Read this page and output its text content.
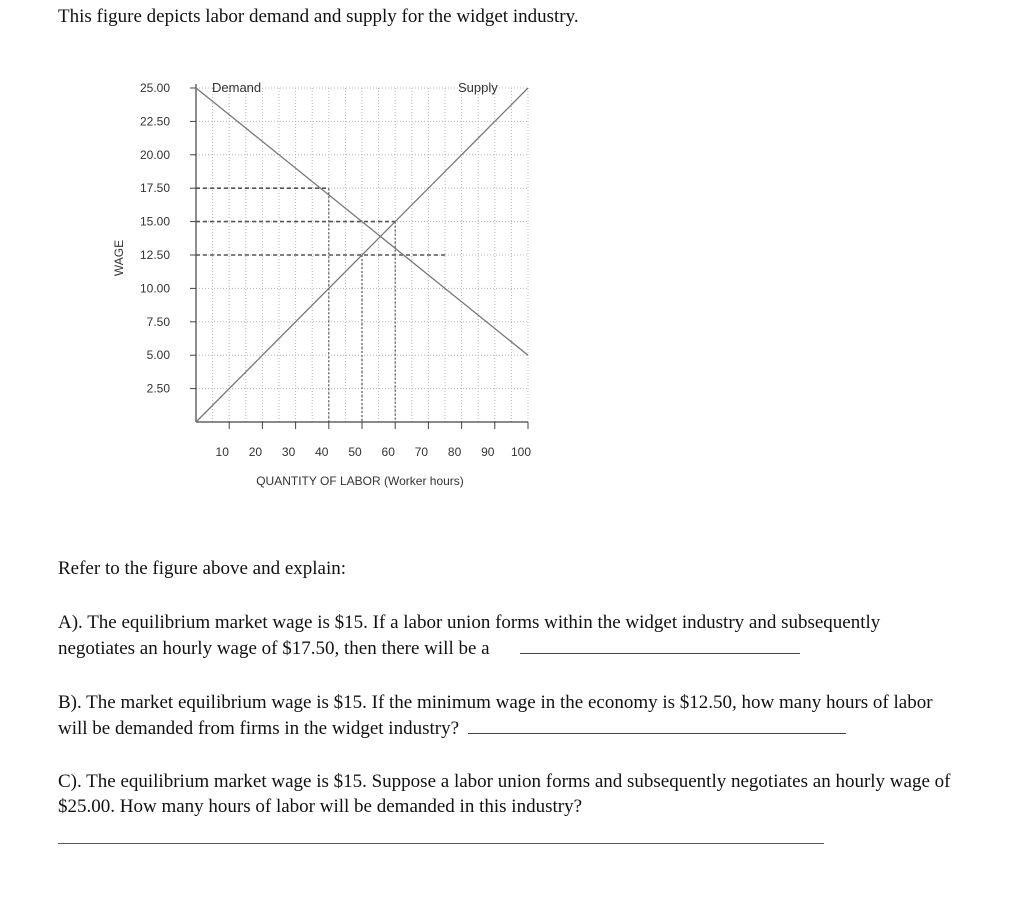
This figure depicts labor demand and supply for the widget industry.
2.50
5.00
7.50
10.00
12.50
15.00
17.50
20.00
22.50
25.00
10 20 30 40 50 60 70 80 90 100
QUANTITY OF LABOR (Worker hours)
WAGE
Demand	Supply
Refer to the figure above and explain:
A). The equilibrium market wage is $15. If a labor union forms within the widget industry and subsequently negotiates an hourly wage of $17.50, then there will be a
B). The market equilibrium wage is $15. If the minimum wage in the economy is $12.50, how many hours of labor will be demanded from firms in the widget industry?
C). The equilibrium market wage is $15. Suppose a labor union forms and subsequently negotiates an hourly wage of $25.00. How many hours of labor will be demanded in this industry?
